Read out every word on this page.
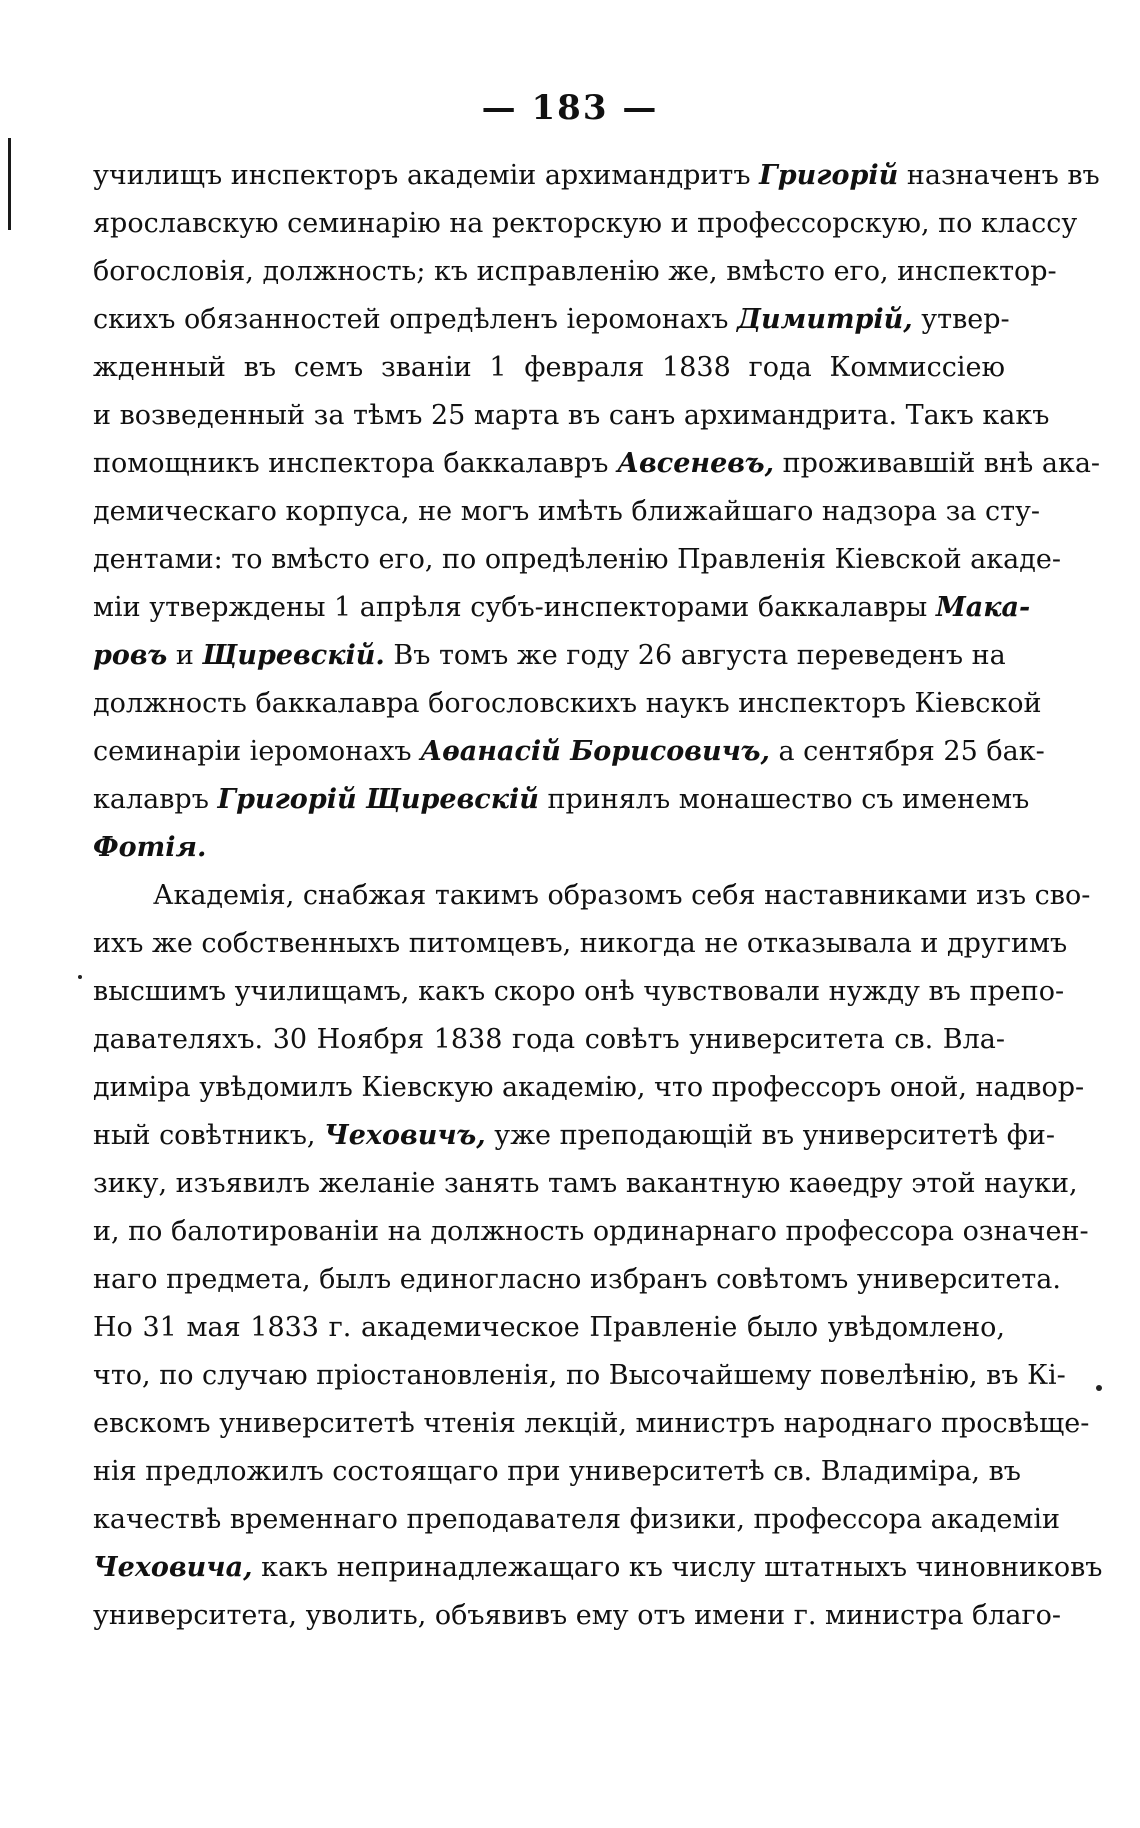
— 183 —
училищъ инспекторъ академіи архимандритъ Григорій назначенъ въ
ярославскую семинарію на ректорскую и профессорскую, по классу
богословія, должность; къ исправленію же, вмѣсто его, инспектор-
скихъ обязанностей опредѣленъ іеромонахъ Димитрій, утвер-
жденный въ семъ званіи 1 февраля 1838 года Коммиссіею
и возведенный за тѣмъ 25 марта въ санъ архимандрита. Такъ какъ
помощникъ инспектора баккалавръ Авсеневъ, проживавшій внѣ ака-
демическаго корпуса, не могъ имѣть ближайшаго надзора за сту-
дентами: то вмѣсто его, по опредѣленію Правленія Кіевской акаде-
міи утверждены 1 апрѣля субъ-инспекторами баккалавры Мака-
ровъ и Щиревскій. Въ томъ же году 26 августа переведенъ на
должность баккалавра богословскихъ наукъ инспекторъ Кіевской
семинаріи іеромонахъ Аѳанасій Борисовичъ, а сентября 25 бак-
калавръ Григорій Щиревскій принялъ монашество съ именемъ
Фотія.
Академія, снабжая такимъ образомъ себя наставниками изъ сво-
ихъ же собственныхъ питомцевъ, никогда не отказывала и другимъ
высшимъ училищамъ, какъ скоро онѣ чувствовали нужду въ препо-
давателяхъ. 30 Ноября 1838 года совѣтъ университета св. Вла-
диміра увѣдомилъ Кіевскую академію, что профессоръ оной, надвор-
ный совѣтникъ, Чеховичъ, уже преподающій въ университетѣ фи-
зику, изъявилъ желаніе занять тамъ вакантную каѳедру этой науки,
и, по балотированіи на должность ординарнаго профессора означен-
наго предмета, былъ единогласно избранъ совѣтомъ университета.
Но 31 мая 1833 г. академическое Правленіе было увѣдомлено,
что, по случаю пріостановленія, по Высочайшему повелѣнію, въ Кі-
евскомъ университетѣ чтенія лекцій, министръ народнаго просвѣще-
нія предложилъ состоящаго при университетѣ св. Владиміра, въ
качествѣ временнаго преподавателя физики, профессора академіи
Чеховича, какъ непринадлежащаго къ числу штатныхъ чиновниковъ
университета, уволить, объявивъ ему отъ имени г. министра благо-
